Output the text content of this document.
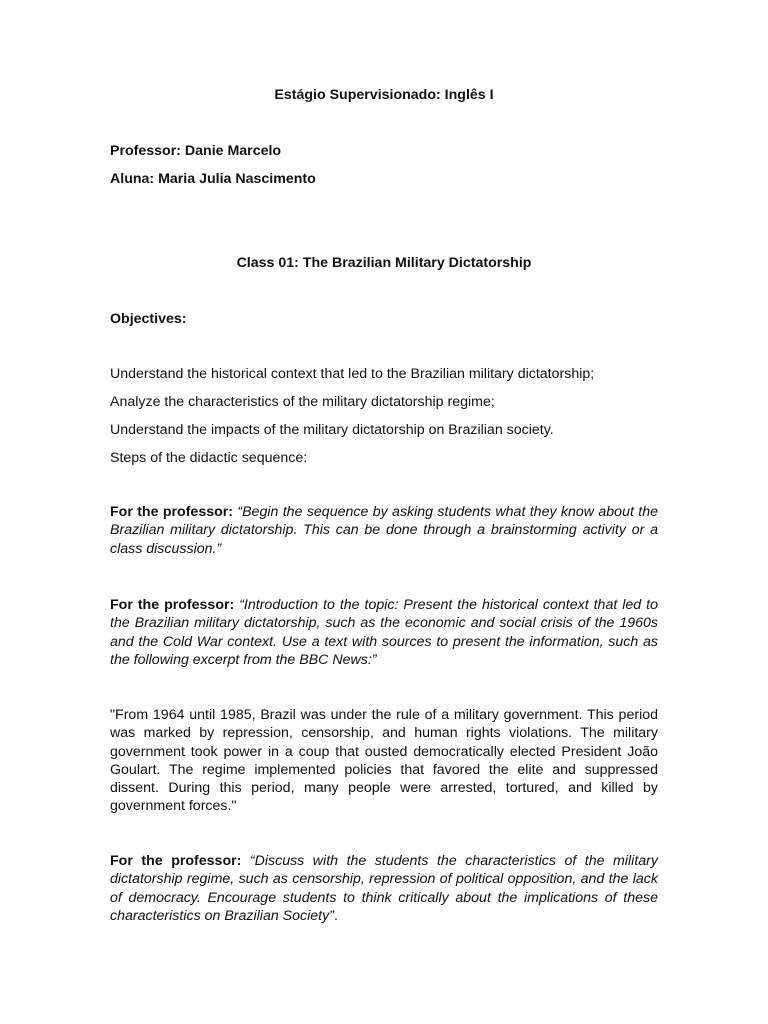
Estágio Supervisionado: Inglês I
Professor: Danie Marcelo
Aluna: Maria Julia Nascimento
Class 01: The Brazilian Military Dictatorship
Objectives:
Understand the historical context that led to the Brazilian military dictatorship;
Analyze the characteristics of the military dictatorship regime;
Understand the impacts of the military dictatorship on Brazilian society.
Steps of the didactic sequence:
For the professor: “Begin the sequence by asking students what they know about the Brazilian military dictatorship. This can be done through a brainstorming activity or a class discussion.”
For the professor: “Introduction to the topic: Present the historical context that led to the Brazilian military dictatorship, such as the economic and social crisis of the 1960s and the Cold War context. Use a text with sources to present the information, such as the following excerpt from the BBC News:”
"From 1964 until 1985, Brazil was under the rule of a military government. This period was marked by repression, censorship, and human rights violations. The military government took power in a coup that ousted democratically elected President João Goulart. The regime implemented policies that favored the elite and suppressed dissent. During this period, many people were arrested, tortured, and killed by government forces."
For the professor: “Discuss with the students the characteristics of the military dictatorship regime, such as censorship, repression of political opposition, and the lack of democracy. Encourage students to think critically about the implications of these characteristics on Brazilian Society”.
